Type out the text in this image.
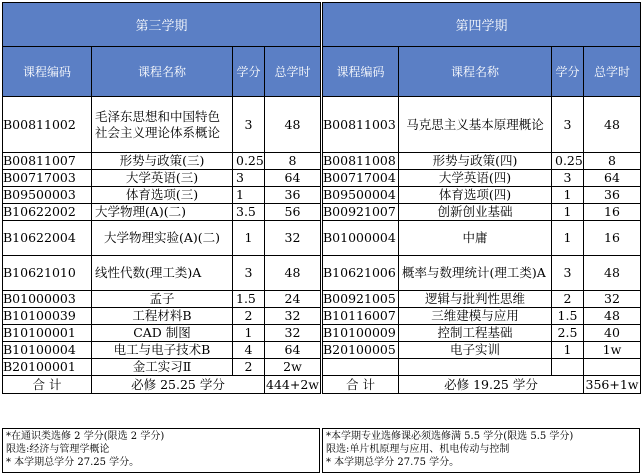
第三学期			
课程编码	课程名称	学分	总学时
B00811002	毛泽东思想和中国特色社会主义理论体系概论	3	48
B00811007	形势与政策(三)	0.25	8
B00717003	大学英语(三)	3	64
B09500003	体育选项(三)	1	36
B10622002	大学物理(A)(二)	3.5	56
B10622004	大学物理实验(A)(二)	1	32
B10621010	线性代数(理工类)A	3	48
B01000003	孟子	1.5	24
B10100039	工程材料B	2	32
B10100001	CAD 制图	1	32
B10100004	电工与电子技术B	4	64
B20100001	金工实习Ⅱ	2	2w
合 计	必修 25.25 学分		444+2w
第四学期			
课程编码	课程名称	学分	总学时
B00811003	马克思主义基本原理概论	3	48
B00811008	形势与政策(四)	0.25	8
B00717004	大学英语(四)	3	64
B09500004	体育选项(四)	1	36
B00921007	创新创业基础	1	16
B01000004	中庸	1	16
B10621006	概率与数理统计(理工类)A	3	48
B00921005	逻辑与批判性思维	2	32
B10116007	三维建模与应用	1.5	48
B10100009	控制工程基础	2.5	40
B20100005	电子实训	1	1w

合 计	必修 19.25 学分		356+1w
*在通识类选修 2 学分(限选 2 学分)
限选:经济与管理学概论
* 本学期总学分 27.25 学分。
*本学期专业选修课必须选修满 5.5 学分(限选 5.5 学分)
限选:单片机原理与应用、机电传动与控制
* 本学期总学分 27.75 学分。
